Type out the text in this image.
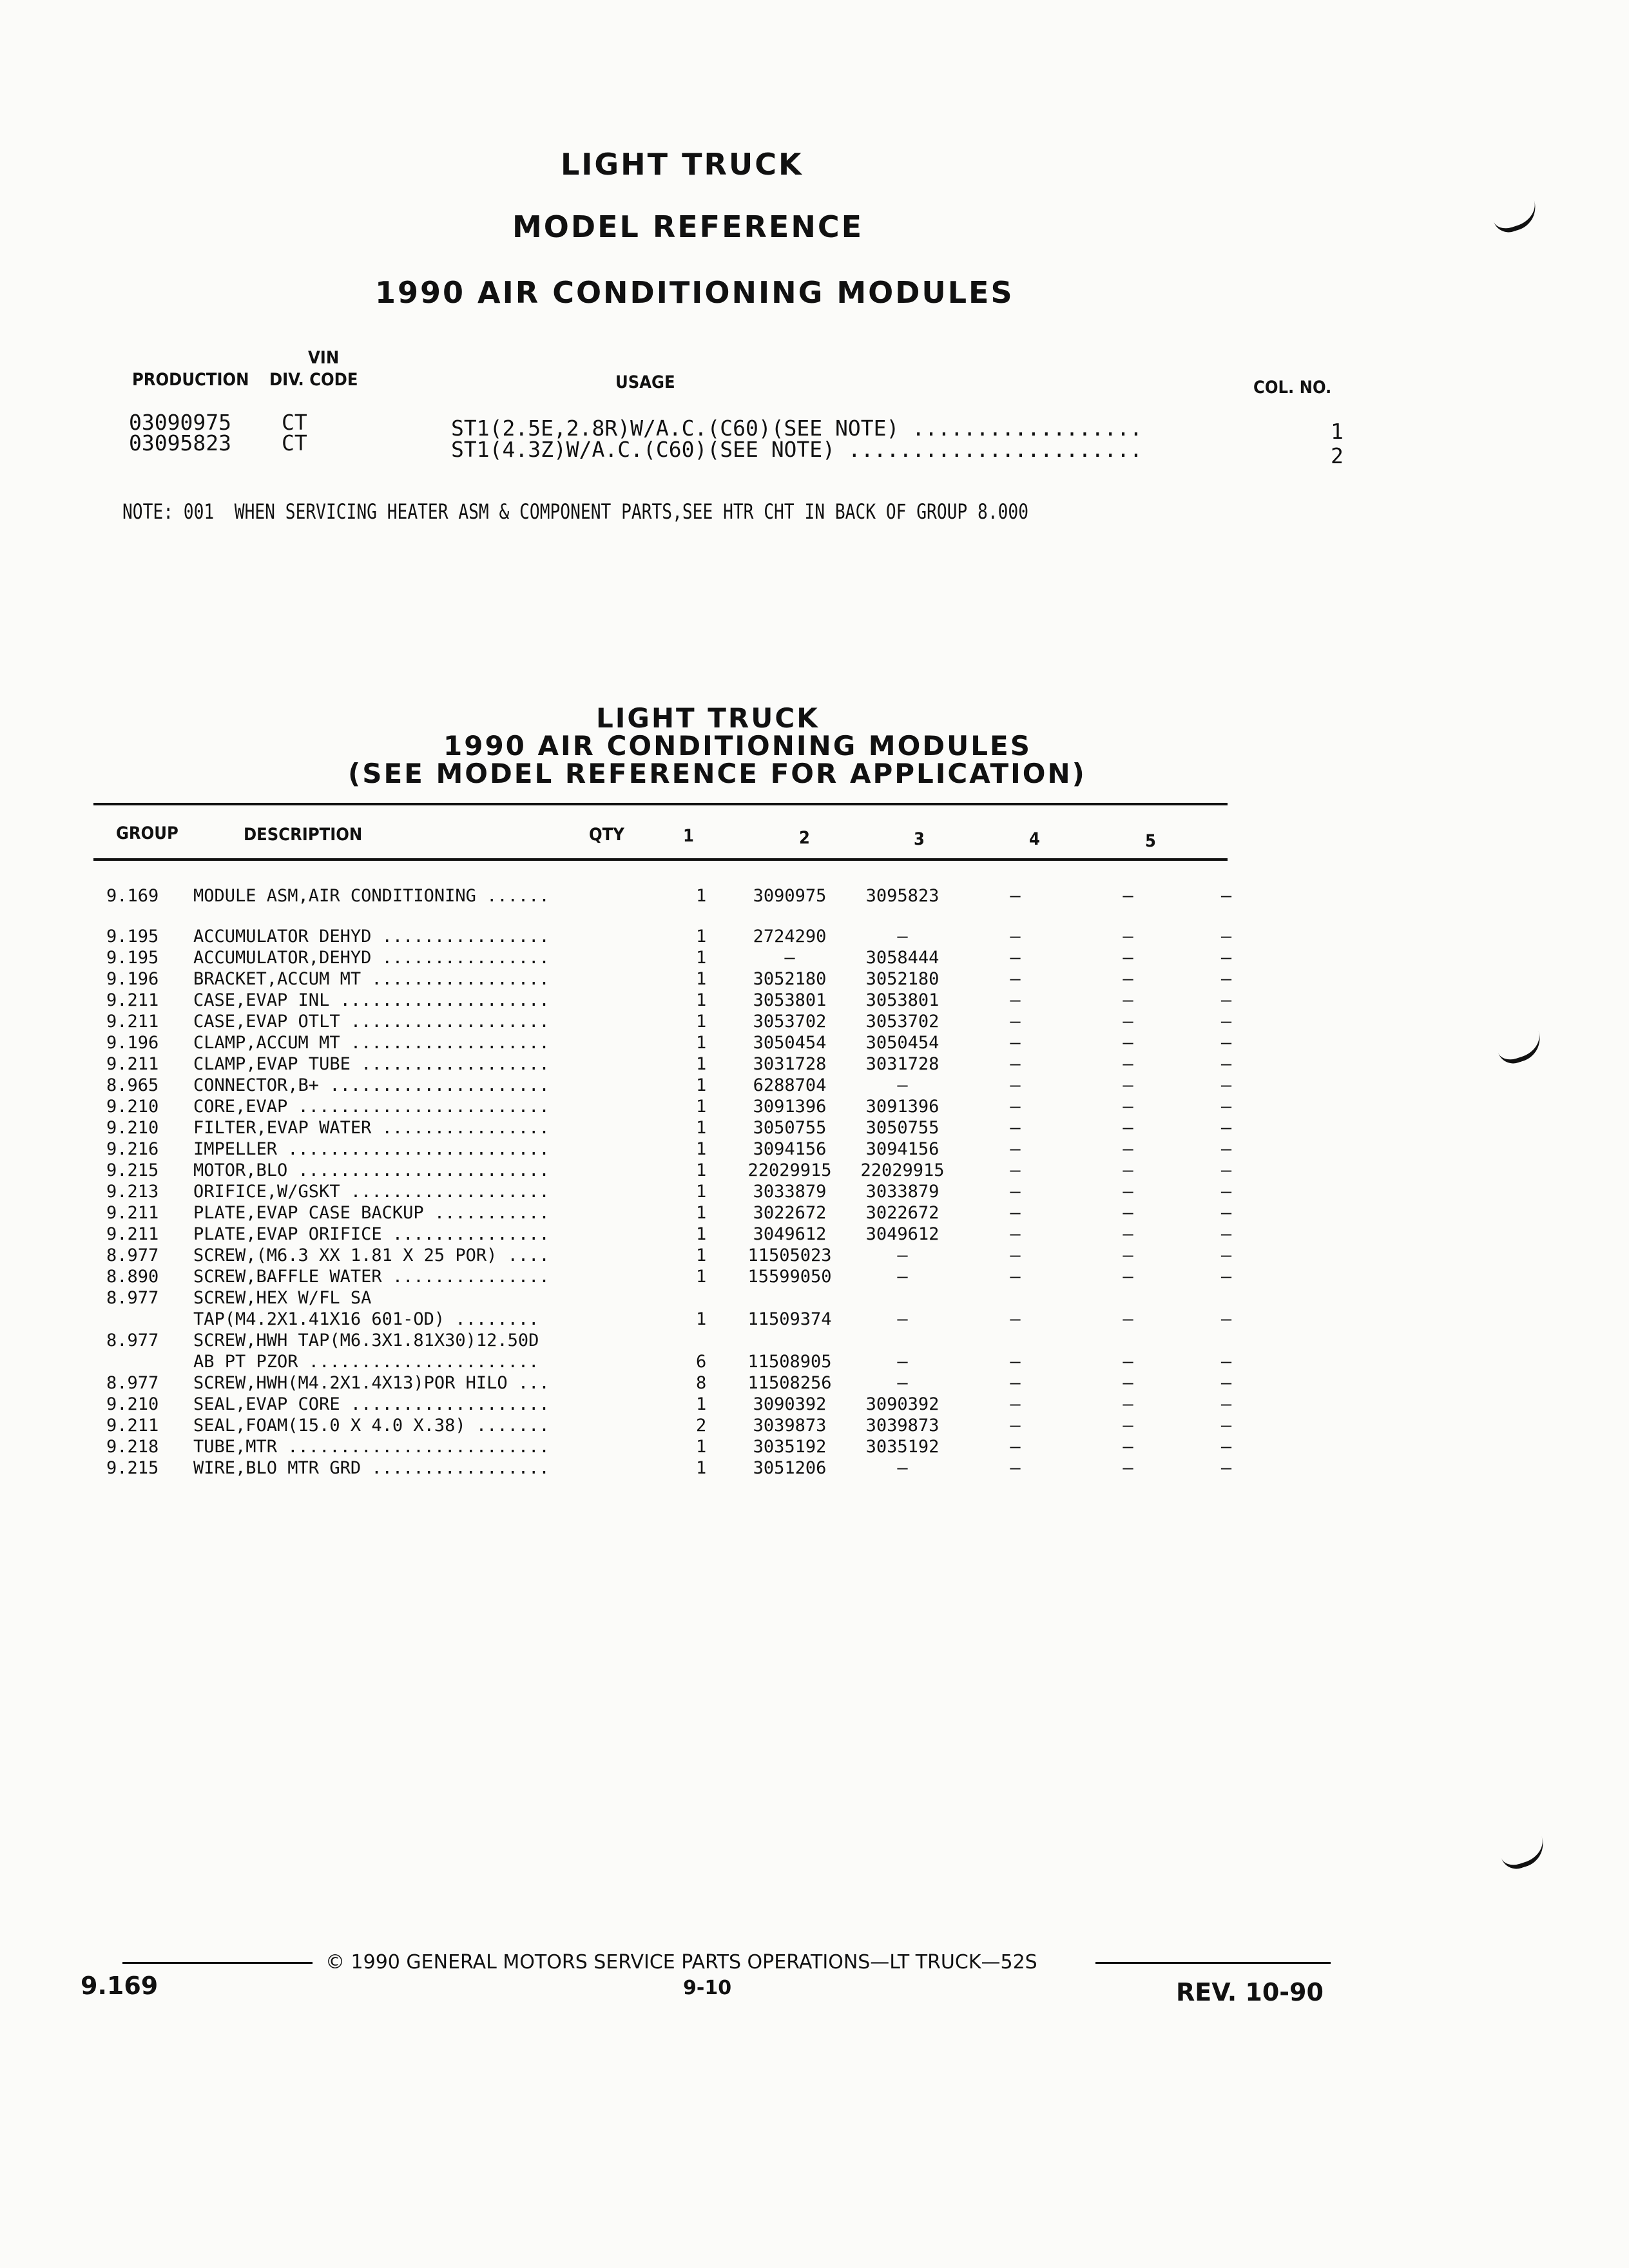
LIGHT TRUCK
MODEL REFERENCE
1990 AIR CONDITIONING MODULES
VIN
PRODUCTION DIV. CODE	USAGE	COL. NO.
03090975 CT	ST1(2.5E,2.8R)W/A.C.(C60)(SEE NOTE) ..................	1
03095823 CT	ST1(4.3Z)W/A.C.(C60)(SEE NOTE) .......................	2
NOTE: 001  WHEN SERVICING HEATER ASM & COMPONENT PARTS,SEE HTR CHT IN BACK OF GROUP 8.000
LIGHT TRUCK
1990 AIR CONDITIONING MODULES
(SEE MODEL REFERENCE FOR APPLICATION)
GROUP	DESCRIPTION	QTY	1	2	3	4	5
9.169	MODULE ASM,AIR CONDITIONING ......	1	3090975	3095823	—	—	—

9.195	ACCUMULATOR DEHYD ................	1	2724290	—	—	—	—
9.195	ACCUMULATOR,DEHYD ................	1	—	3058444	—	—	—
9.196	BRACKET,ACCUM MT .................	1	3052180	3052180	—	—	—
9.211	CASE,EVAP INL ....................	1	3053801	3053801	—	—	—
9.211	CASE,EVAP OTLT ...................	1	3053702	3053702	—	—	—
9.196	CLAMP,ACCUM MT ...................	1	3050454	3050454	—	—	—
9.211	CLAMP,EVAP TUBE ..................	1	3031728	3031728	—	—	—
8.965	CONNECTOR,B+ .....................	1	6288704	—	—	—	—
9.210	CORE,EVAP ........................	1	3091396	3091396	—	—	—
9.210	FILTER,EVAP WATER ................	1	3050755	3050755	—	—	—
9.216	IMPELLER .........................	1	3094156	3094156	—	—	—
9.215	MOTOR,BLO ........................	1	22029915	22029915	—	—	—
9.213	ORIFICE,W/GSKT ...................	1	3033879	3033879	—	—	—
9.211	PLATE,EVAP CASE BACKUP ...........	1	3022672	3022672	—	—	—
9.211	PLATE,EVAP ORIFICE ...............	1	3049612	3049612	—	—	—
8.977	SCREW,(M6.3 XX 1.81 X 25 POR) ....	1	11505023	—	—	—	—
8.890	SCREW,BAFFLE WATER ...............	1	15599050	—	—	—	—
8.977	SCREW,HEX W/FL SA						
	TAP(M4.2X1.41X16 601-OD) ........	1	11509374	—	—	—	—
8.977	SCREW,HWH TAP(M6.3X1.81X30)12.50D						
	AB PT PZOR ......................	6	11508905	—	—	—	—
8.977	SCREW,HWH(M4.2X1.4X13)POR HILO ...	8	11508256	—	—	—	—
9.210	SEAL,EVAP CORE ...................	1	3090392	3090392	—	—	—
9.211	SEAL,FOAM(15.0 X 4.0 X.38) .......	2	3039873	3039873	—	—	—
9.218	TUBE,MTR .........................	1	3035192	3035192	—	—	—
9.215	WIRE,BLO MTR GRD .................	1	3051206	—	—	—	—
© 1990 GENERAL MOTORS SERVICE PARTS OPERATIONS—LT TRUCK—52S
9.169	9-10	REV. 10-90
